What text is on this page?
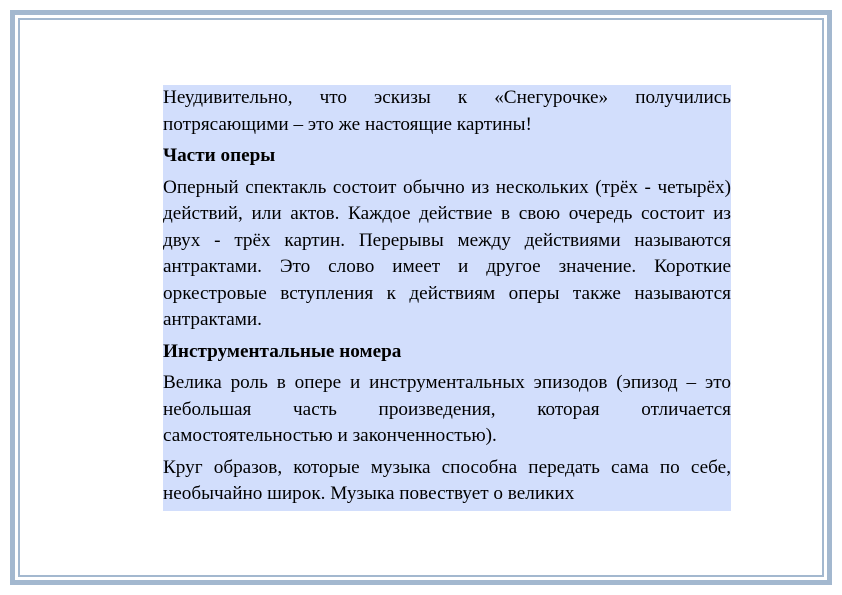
Неудивительно, что эскизы к «Снегурочке» получились потрясающими – это же настоящие картины!

Части оперы

Оперный спектакль состоит обычно из нескольких (трёх - четырёх) действий, или актов. Каждое действие в свою очередь состоит из двух - трёх картин. Перерывы между действиями называются антрактами. Это слово имеет и другое значение. Короткие оркестровые вступления к действиям оперы также называются антрактами.

Инструментальные номера

Велика роль в опере и инструментальных эпизодов (эпизод – это небольшая часть произведения, которая отличается самостоятельностью и законченностью).

Круг образов, которые музыка способна передать сама по себе, необычайно широк. Музыка повествует о великих
